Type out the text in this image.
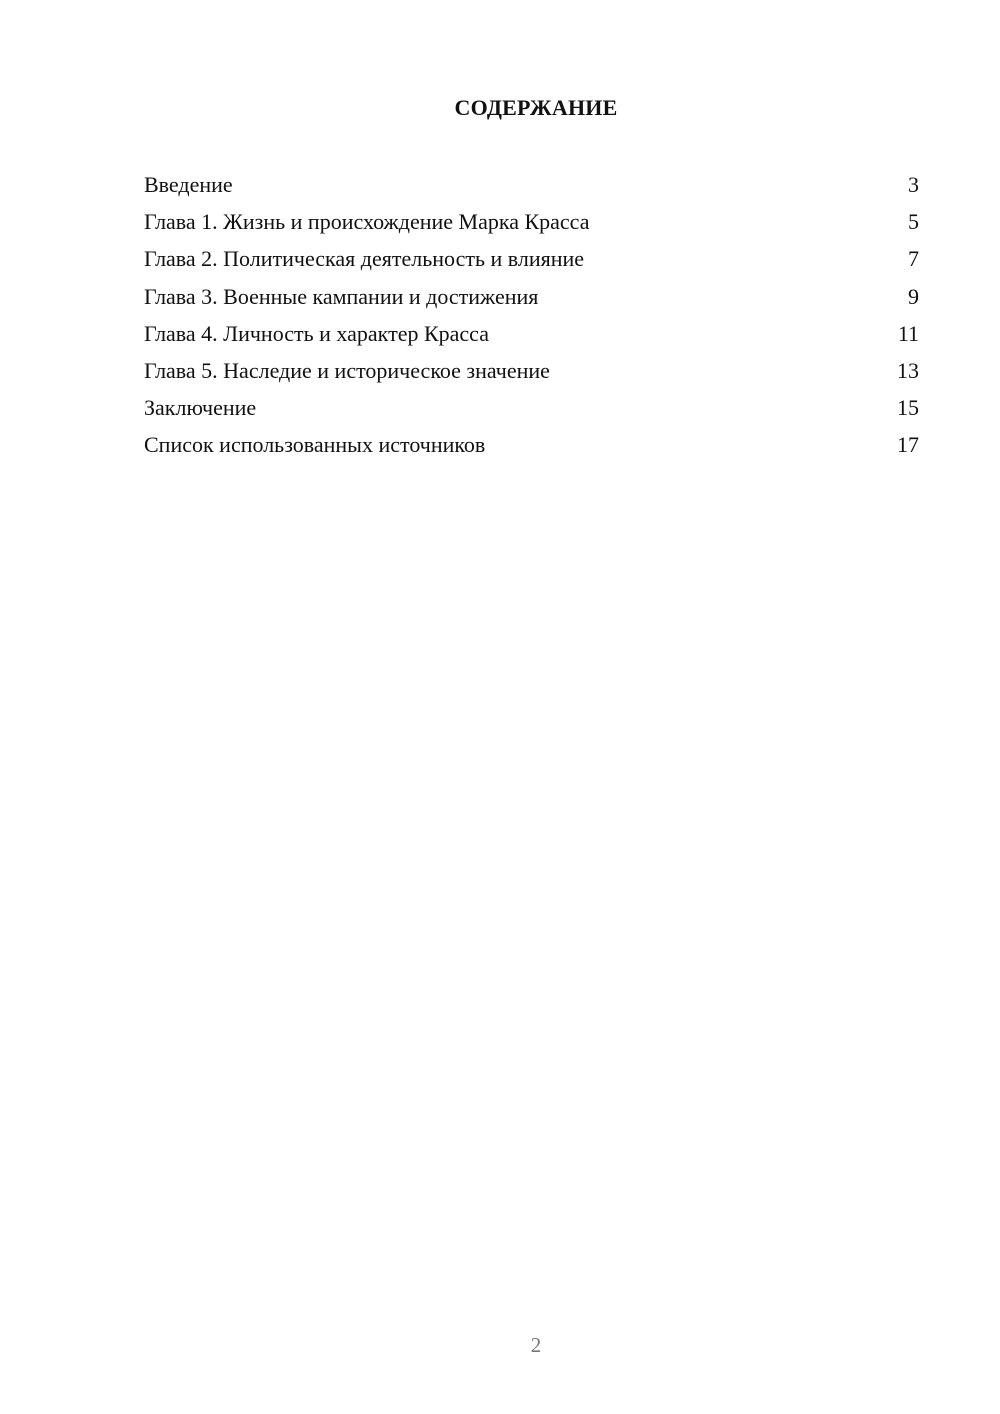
СОДЕРЖАНИЕ
Введение	3
Глава 1. Жизнь и происхождение Марка Красса	5
Глава 2. Политическая деятельность и влияние	7
Глава 3. Военные кампании и достижения	9
Глава 4. Личность и характер Красса	11
Глава 5. Наследие и историческое значение	13
Заключение	15
Список использованных источников	17
2
